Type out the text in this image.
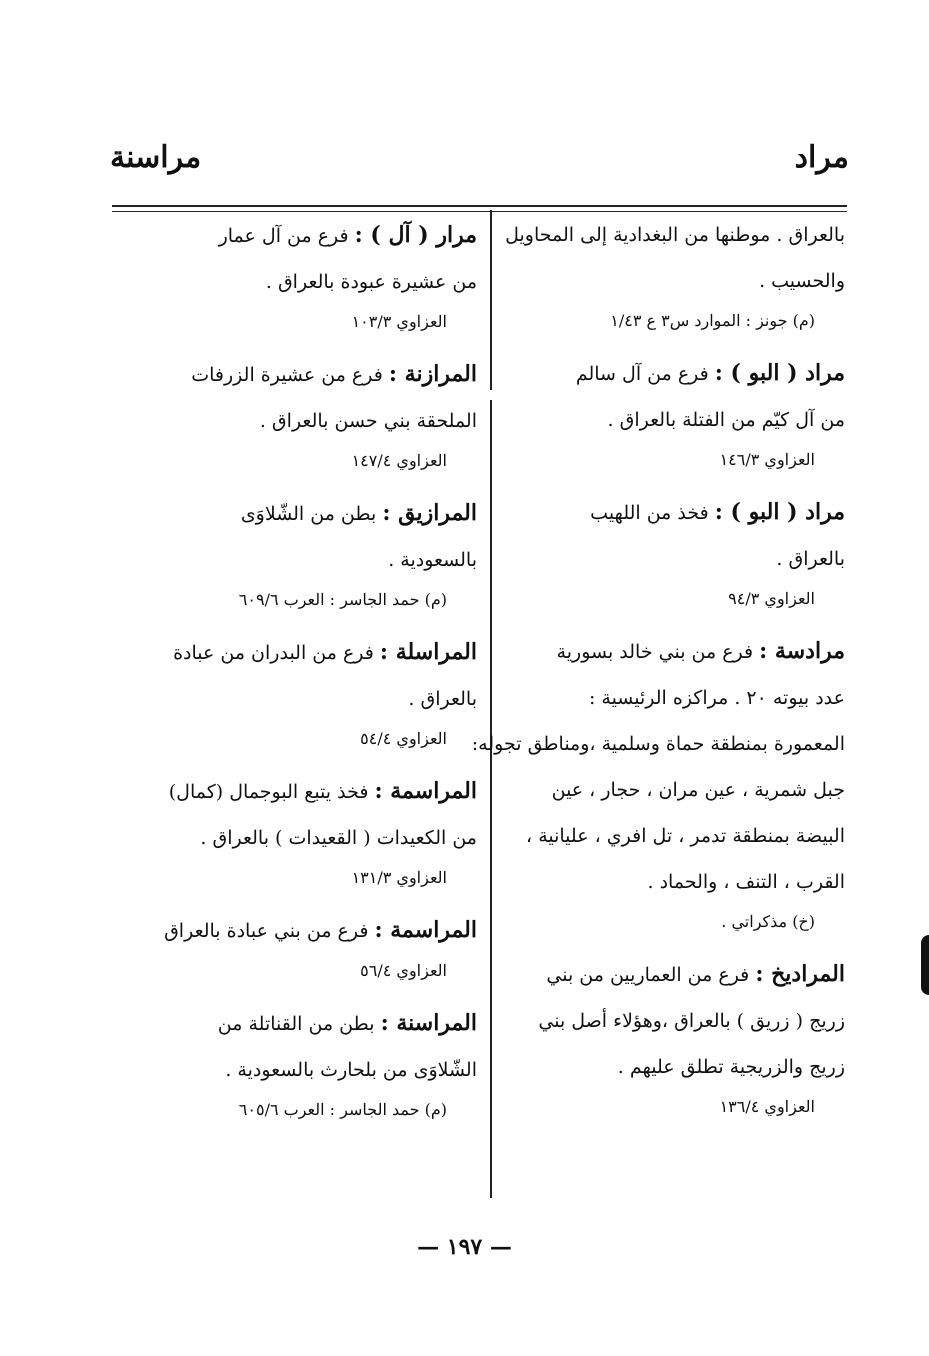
مراد
مراسنة
بالعراق . موطنها من البغدادية إلى المحاويل
والحسيب .
(م) جونز : الموارد س٣ ع ١/٤٣
مراد ( البو ) : فرع من آل سالم
من آل كيّم من الفتلة بالعراق .
العزاوي ١٤٦/٣
مراد ( البو ) : فخذ من اللهيب
بالعراق .
العزاوي ٩٤/٣
مرادسة : فرع من بني خالد بسورية
عدد بيوته ٢٠ . مراكزه الرئيسية :
المعمورة بمنطقة حماة وسلمية ،ومناطق تجوله:
جبل شمرية ، عين مران ، حجار ، عين
البيضة بمنطقة تدمر ، تل افري ، عليانية ،
القرب ، التنف ، والحماد .
(خ) مذكراتي .
المراديخ : فرع من العماريين من بني
زريج ( زريق ) بالعراق ،وهؤلاء أصل بني
زريج والزريجية تطلق عليهم .
العزاوي ١٣٦/٤
مرار ( آل ) : فرع من آل عمار
من عشيرة عبودة بالعراق .
العزاوي ١٠٣/٣
المرازنة : فرع من عشيرة الزرفات
الملحقة بني حسن بالعراق .
العزاوي ١٤٧/٤
المرازيق : بطن من الشّلاوَى
بالسعودية .
(م) حمد الجاسر : العرب ٦٠٩/٦
المراسلة : فرع من البدران من عبادة
بالعراق .
العزاوي ٥٤/٤
المراسمة : فخذ يتبع البوجمال (كمال)
من الكعيدات ( القعيدات ) بالعراق .
العزاوي ١٣١/٣
المراسمة : فرع من بني عبادة بالعراق
العزاوي ٥٦/٤
المراسنة : بطن من القناتلة من
الشّلاوَى من بلحارث بالسعودية .
(م) حمد الجاسر : العرب ٦٠٥/٦
— ١٩٧ —
